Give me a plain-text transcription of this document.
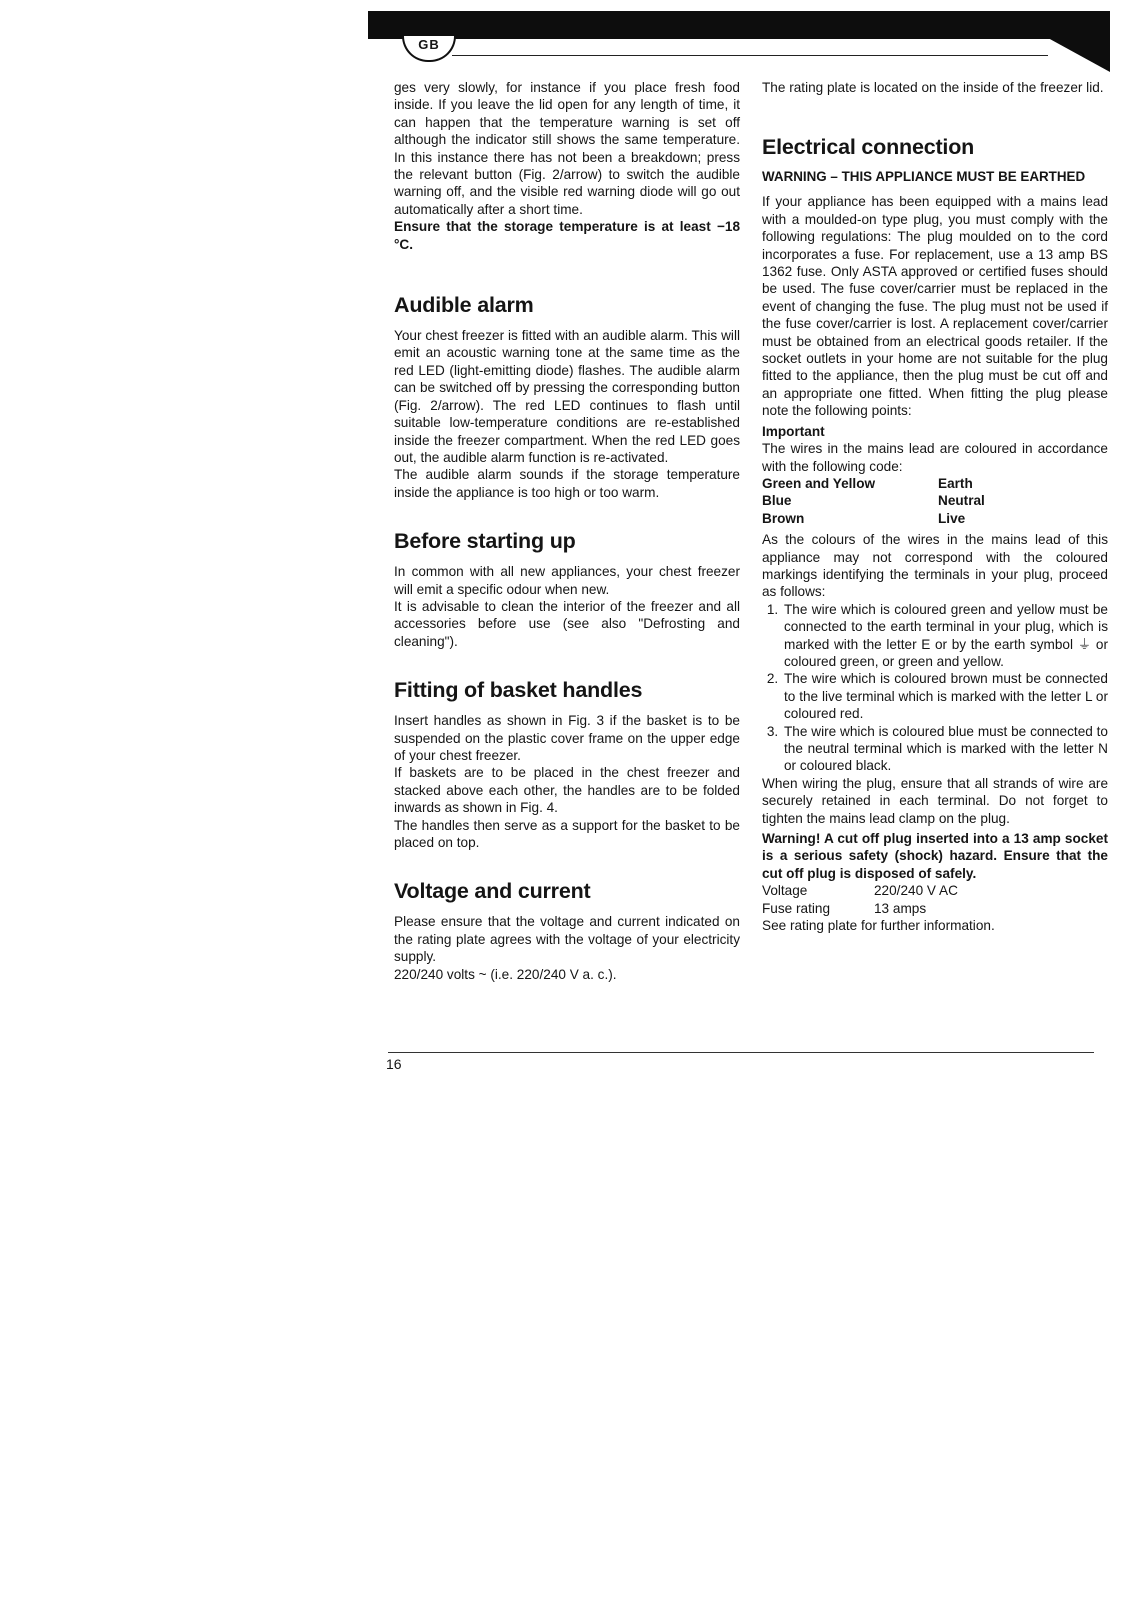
GB

ges very slowly, for instance if you place fresh food inside. If you leave the lid open for any length of time, it can happen that the temperature warning is set off although the indicator still shows the same temperature. In this instance there has not been a breakdown; press the relevant button (Fig. 2/arrow) to switch the audible warning off, and the visible red warning diode will go out automatically after a short time.

Ensure that the storage temperature is at least −18 °C.

Audible alarm

Your chest freezer is fitted with an audible alarm. This will emit an acoustic warning tone at the same time as the red LED (light-emitting diode) flashes. The audible alarm can be switched off by pressing the corresponding button (Fig. 2/arrow). The red LED continues to flash until suitable low-temperature conditions are re-established inside the freezer compartment. When the red LED goes out, the audible alarm function is re-activated.

The audible alarm sounds if the storage temperature inside the appliance is too high or too warm.

Before starting up

In common with all new appliances, your chest freezer will emit a specific odour when new.

It is advisable to clean the interior of the freezer and all accessories before use (see also "Defrosting and cleaning").

Fitting of basket handles

Insert handles as shown in Fig. 3 if the basket is to be suspended on the plastic cover frame on the upper edge of your chest freezer.

If baskets are to be placed in the chest freezer and stacked above each other, the handles are to be folded inwards as shown in Fig. 4.

The handles then serve as a support for the basket to be placed on top.

Voltage and current

Please ensure that the voltage and current indicated on the rating plate agrees with the voltage of your electricity supply.

220/240 volts ~ (i.e. 220/240 V a. c.).

The rating plate is located on the inside of the freezer lid.

Electrical connection
WARNING – THIS APPLIANCE MUST BE EARTHED

If your appliance has been equipped with a mains lead with a moulded-on type plug, you must comply with the following regulations: The plug moulded on to the cord incorporates a fuse. For replacement, use a 13 amp BS 1362 fuse. Only ASTA approved or certified fuses should be used. The fuse cover/carrier must be replaced in the event of changing the fuse. The plug must not be used if the fuse cover/carrier is lost. A replacement cover/carrier must be obtained from an electrical goods retailer. If the socket outlets in your home are not suitable for the plug fitted to the appliance, then the plug must be cut off and an appropriate one fitted. When fitting the plug please note the following points:

Important

The wires in the mains lead are coloured in accordance with the following code:

Green and Yellow	Earth
Blue	Neutral
Brown	Live

As the colours of the wires in the mains lead of this appliance may not correspond with the coloured markings identifying the terminals in your plug, proceed as follows:

1. The wire which is coloured green and yellow must be connected to the earth terminal in your plug, which is marked with the letter E or by the earth symbol ⏚ or coloured green, or green and yellow.
2. The wire which is coloured brown must be connected to the live terminal which is marked with the letter L or coloured red.
3. The wire which is coloured blue must be connected to the neutral terminal which is marked with the letter N or coloured black.

When wiring the plug, ensure that all strands of wire are securely retained in each terminal. Do not forget to tighten the mains lead clamp on the plug.

Warning! A cut off plug inserted into a 13 amp socket is a serious safety (shock) hazard. Ensure that the cut off plug is disposed of safely.

Voltage	220/240 V AC
Fuse rating	13 amps

See rating plate for further information.

16
